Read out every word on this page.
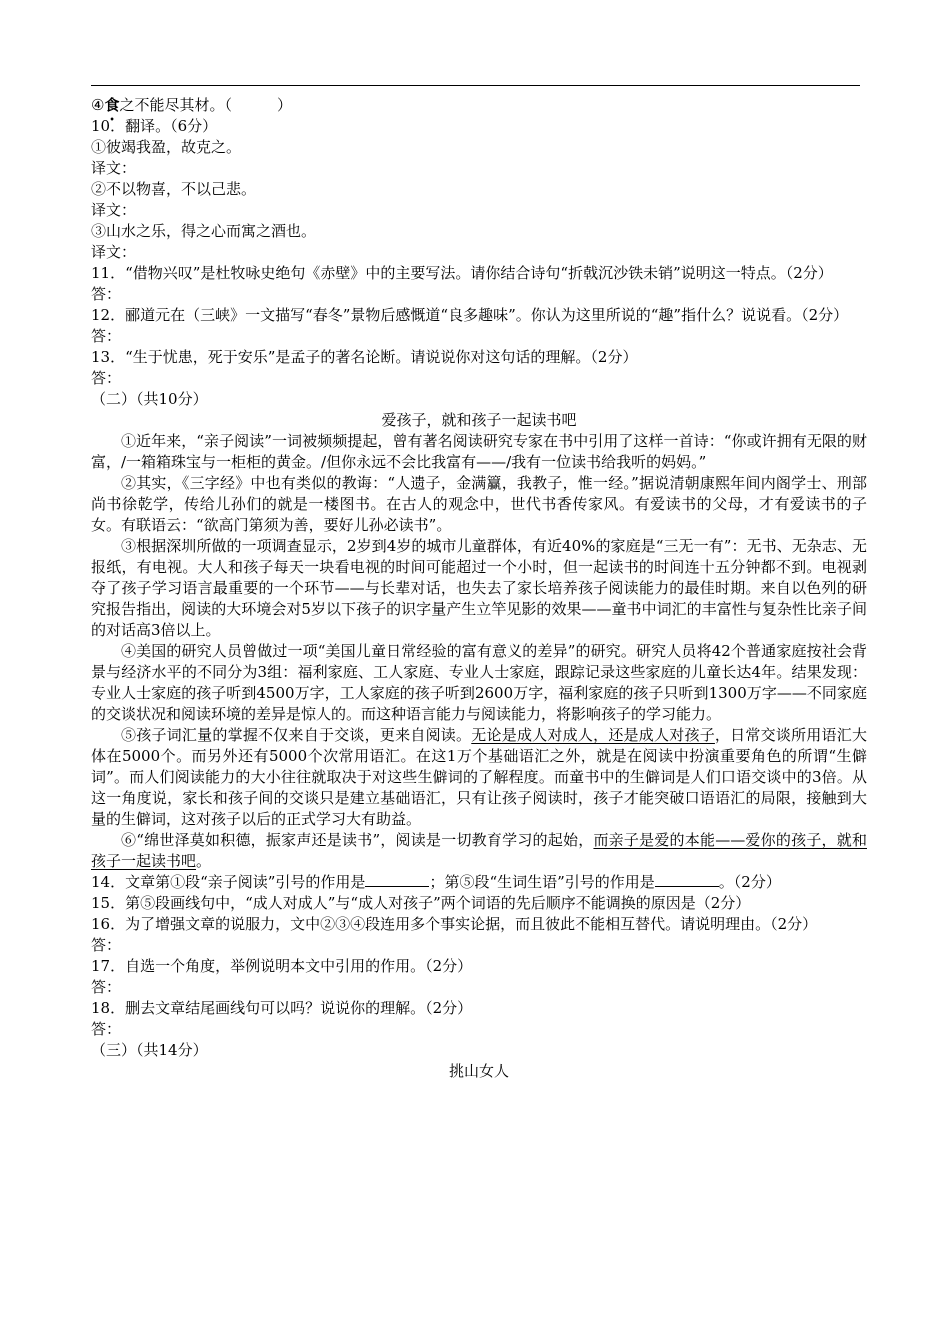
④食之不能尽其材。（　　　）
10．翻译。（6分）
①彼竭我盈，故克之。
译文：
②不以物喜，不以己悲。
译文：
③山水之乐，得之心而寓之酒也。
译文：
11．“借物兴叹”是杜牧咏史绝句《赤壁》中的主要写法。请你结合诗句“折戟沉沙铁未销”说明这一特点。（2分）
答：
12．郦道元在（三峡》一文描写“春冬”景物后感慨道“良多趣味”。你认为这里所说的“趣”指什么？说说看。（2分）
答：
13．“生于忧患，死于安乐”是孟子的著名论断。请说说你对这句话的理解。（2分）
答：
（二）（共10分）
爱孩子，就和孩子一起读书吧
①近年来，“亲子阅读”一词被频频提起，曾有著名阅读研究专家在书中引用了这样一首诗：“你或许拥有无限的财富，/一箱箱珠宝与一柜柜的黄金。/但你永远不会比我富有——/我有一位读书给我听的妈妈。”
②其实，《三字经》中也有类似的教诲：“人遗子，金满籯，我教子，惟一经。”据说清朝康熙年间内阁学士、刑部尚书徐乾学，传给儿孙们的就是一楼图书。在古人的观念中，世代书香传家风。有爱读书的父母，才有爱读书的子女。有联语云：“欲高门第须为善，要好儿孙必读书”。
③根据深圳所做的一项调查显示，2岁到4岁的城市儿童群体，有近40%的家庭是“三无一有”：无书、无杂志、无报纸，有电视。大人和孩子每天一块看电视的时间可能超过一个小时，但一起读书的时间连十五分钟都不到。电视剥夺了孩子学习语言最重要的一个环节——与长辈对话，也失去了家长培养孩子阅读能力的最佳时期。来自以色列的研究报告指出，阅读的大环境会对5岁以下孩子的识字量产生立竿见影的效果——童书中词汇的丰富性与复杂性比亲子间的对话高3倍以上。
④美国的研究人员曾做过一项“美国儿童日常经验的富有意义的差异”的研究。研究人员将42个普通家庭按社会背景与经济水平的不同分为3组：福利家庭、工人家庭、专业人士家庭，跟踪记录这些家庭的儿童长达4年。结果发现：专业人士家庭的孩子听到4500万字，工人家庭的孩子听到2600万字，福利家庭的孩子只听到1300万字——不同家庭的交谈状况和阅读环境的差异是惊人的。而这种语言能力与阅读能力，将影响孩子的学习能力。
⑤孩子词汇量的掌握不仅来自于交谈，更来自阅读。无论是成人对成人，还是成人对孩子，日常交谈所用语汇大体在5000个。而另外还有5000个次常用语汇。在这1万个基础语汇之外，就是在阅读中扮演重要角色的所谓“生僻词”。而人们阅读能力的大小往往就取决于对这些生僻词的了解程度。而童书中的生僻词是人们口语交谈中的3倍。从这一角度说，家长和孩子间的交谈只是建立基础语汇，只有让孩子阅读时，孩子才能突破口语语汇的局限，接触到大量的生僻词，这对孩子以后的正式学习大有助益。
⑥“绵世泽莫如积德，振家声还是读书”，阅读是一切教育学习的起始，而亲子是爱的本能——爱你的孩子，就和孩子一起读书吧。
14．文章第①段“亲子阅读”引号的作用是	；第⑤段“生词生语”引号的作用是	。（2分）
15．第⑤段画线句中，“成人对成人”与“成人对孩子”两个词语的先后顺序不能调换的原因是（2分）
16．为了增强文章的说服力，文中②③④段连用多个事实论据，而且彼此不能相互替代。请说明理由。（2分）
答：
17．自选一个角度，举例说明本文中引用的作用。（2分）
答：
18．删去文章结尾画线句可以吗？说说你的理解。（2分）
答：
（三）（共14分）
挑山女人
